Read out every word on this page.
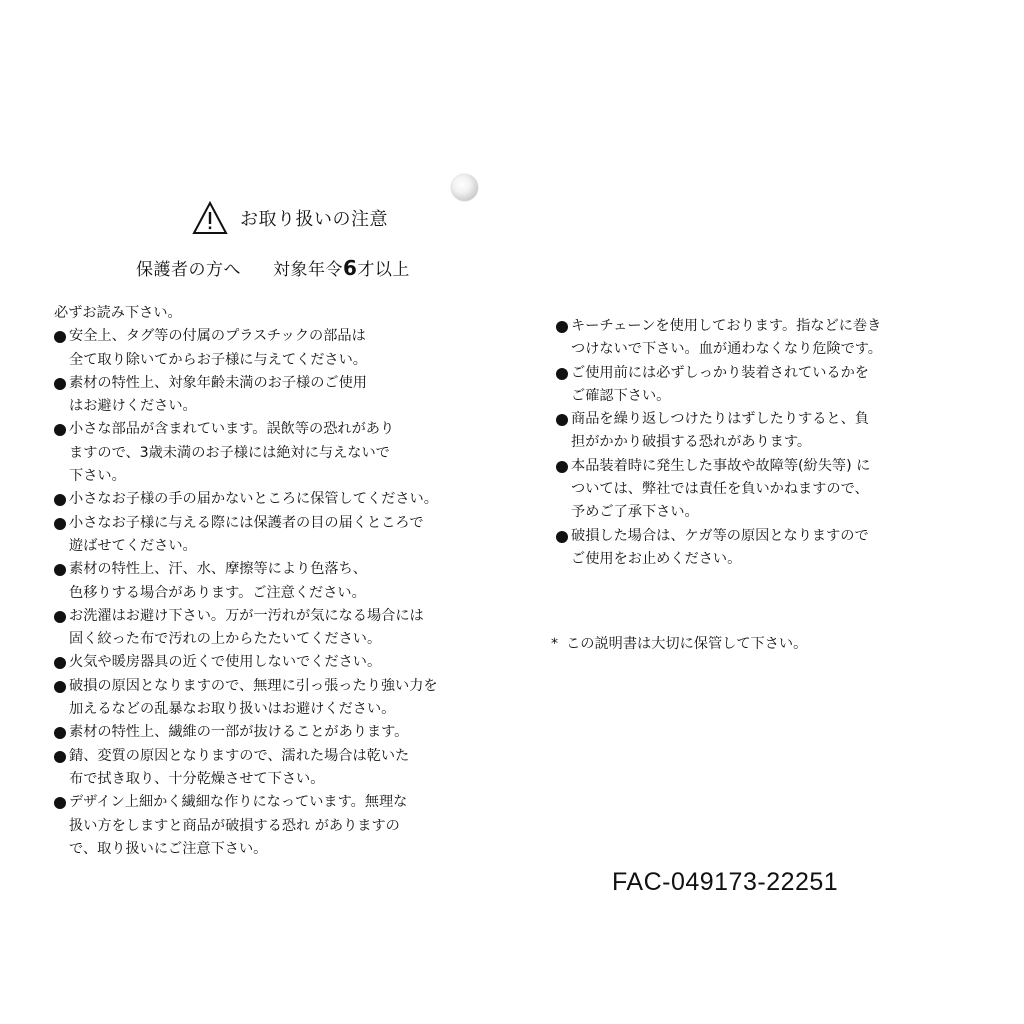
お取り扱いの注意
保護者の方へ 対象年令6才以上
必ずお読み下さい。
安全上、タグ等の付属のプラスチックの部品は
全て取り除いてからお子様に与えてください。
素材の特性上、対象年齢未満のお子様のご使用
はお避けください。
小さな部品が含まれています。誤飲等の恐れがあり
ますので、3歳未満のお子様には絶対に与えないで
下さい。
小さなお子様の手の届かないところに保管してください。
小さなお子様に与える際には保護者の目の届くところで
遊ばせてください。
素材の特性上、汗、水、摩擦等により色落ち、
色移りする場合があります。ご注意ください。
お洗濯はお避け下さい。万が一汚れが気になる場合には
固く絞った布で汚れの上からたたいてください。
火気や暖房器具の近くで使用しないでください。
破損の原因となりますので、無理に引っ張ったり強い力を
加えるなどの乱暴なお取り扱いはお避けください。
素材の特性上、繊維の一部が抜けることがあります。
錆、変質の原因となりますので、濡れた場合は乾いた
布で拭き取り、十分乾燥させて下さい。
デザイン上細かく繊細な作りになっています。無理な
扱い方をしますと商品が破損する恐れ がありますの
で、取り扱いにご注意下さい。
キーチェーンを使用しております。指などに巻き
つけないで下さい。血が通わなくなり危険です。
ご使用前には必ずしっかり装着されているかを
ご確認下さい。
商品を繰り返しつけたりはずしたりすると、負
担がかかり破損する恐れがあります。
本品装着時に発生した事故や故障等(紛失等) に
ついては、弊社では責任を負いかねますので、
予めご了承下さい。
破損した場合は、ケガ等の原因となりますので
ご使用をお止めください。
* この説明書は大切に保管して下さい。
FAC-049173-22251
